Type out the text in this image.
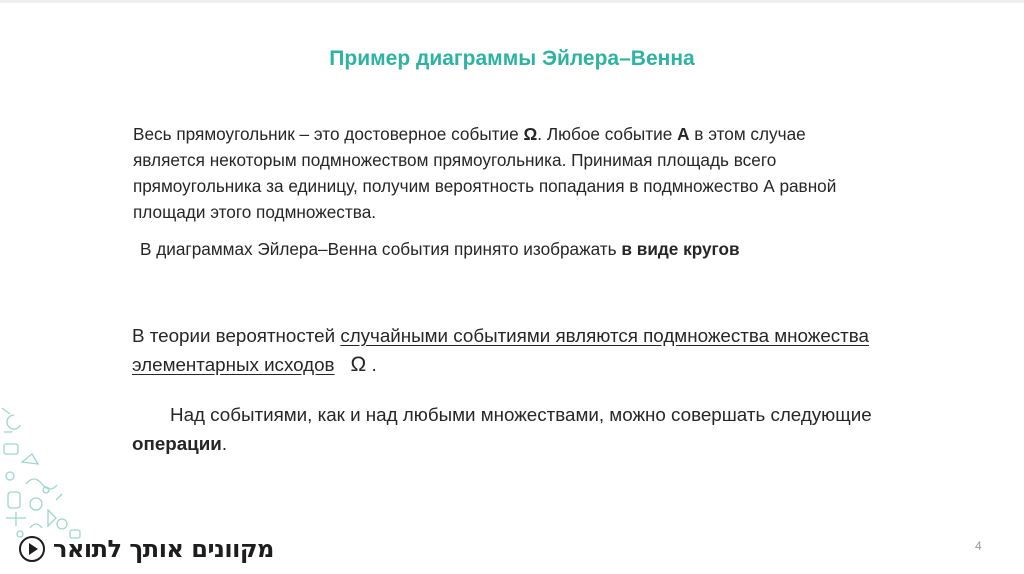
Пример диаграммы Эйлера–Венна
Весь прямоугольник – это достоверное событие Ω. Любое событие А в этом случае является некоторым подмножеством прямоугольника. Принимая площадь всего прямоугольника за единицу, получим вероятность попадания в подмножество А равной площади этого подмножества.
В диаграммах Эйлера–Венна события принято изображать в виде кругов
В теории вероятностей случайными событиями являются подмножества множества элементарных исходов Ω .
Над событиями, как и над любыми множествами, можно совершать следующие операции.
מקוונים אותך לתואר	4
